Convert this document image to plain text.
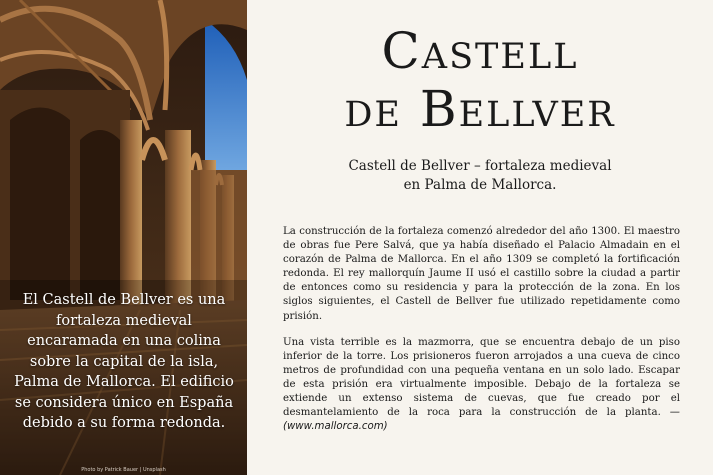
El Castell de Bellver es una fortaleza medieval encaramada en una colina sobre la capital de la isla, Palma de Mallorca. El edificio se considera único en España debido a su forma redonda.
Photo by Patrick Bauer | Unsplash
Castell
de Bellver
Castell de Bellver – fortaleza medieval
en Palma de Mallorca.

La construcción de la fortaleza comenzó alrededor del año 1300. El maestro de obras fue Pere Salvá, que ya había diseñado el Palacio Almadain en el corazón de Palma de Mallorca. En el año 1309 se completó la fortificación redonda. El rey mallorquín Jaume II usó el castillo sobre la ciudad a partir de entonces como su residencia y para la protección de la zona. En los siglos siguientes, el Castell de Bellver fue utilizado repetidamente como prisión.

Una vista terrible es la mazmorra, que se encuentra debajo de un piso inferior de la torre. Los prisioneros fueron arrojados a una cueva de cinco metros de profundidad con una pequeña ventana en un solo lado. Escapar de esta prisión era virtualmente imposible. Debajo de la fortaleza se extiende un extenso sistema de cuevas, que fue creado por el desmantelamiento de la roca para la construcción de la planta. —(www.mallorca.com)
